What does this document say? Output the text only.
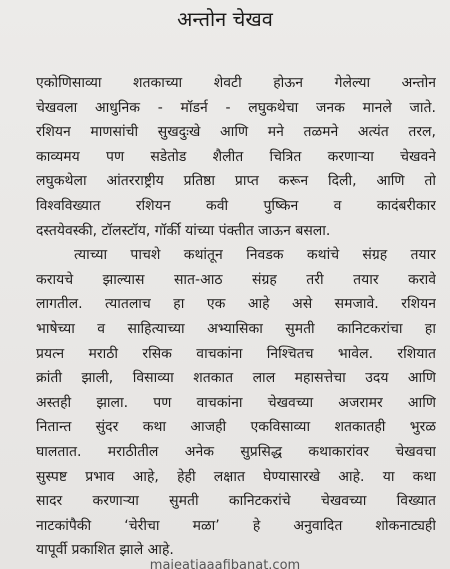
अन्तोन चेखव
एकोणिसाव्या शतकाच्या शेवटी होऊन गेलेल्या अन्तोन
चेखवला आधुनिक - मॉडर्न - लघुकथेचा जनक मानले जाते.
रशियन माणसांची सुखदुःखे आणि मने तळमने अत्यंत तरल,
काव्यमय पण सडेतोड शैलीत चित्रित करणाऱ्या चेखवने
लघुकथेला आंतरराष्ट्रीय प्रतिष्ठा प्राप्त करून दिली, आणि तो
विश्वविख्यात रशियन कवी पुष्किन व कादंबरीकार
दस्तयेवस्की, टॉलस्टॉय, गॉर्की यांच्या पंक्तीत जाऊन बसला.
त्याच्या पाचशे कथांतून निवडक कथांचे संग्रह तयार
करायचे झाल्यास सात-आठ संग्रह तरी तयार करावे
लागतील. त्यातलाच हा एक आहे असे समजावे. रशियन
भाषेच्या व साहित्याच्या अभ्यासिका सुमती कानिटकरांचा हा
प्रयत्न मराठी रसिक वाचकांना निश्चितच भावेल. रशियात
क्रांती झाली, विसाव्या शतकात लाल महासत्तेचा उदय आणि
अस्तही झाला. पण वाचकांना चेखवच्या अजरामर आणि
नितान्त सुंदर कथा आजही एकविसाव्या शतकातही भुरळ
घालतात. मराठीतील अनेक सुप्रसिद्ध कथाकारांवर चेखवचा
सुस्पष्ट प्रभाव आहे, हेही लक्षात घेण्यासारखे आहे. या कथा
सादर करणाऱ्या सुमती कानिटकरांचे चेखवच्या विख्यात
नाटकांपैकी ‘चेरीचा मळा’ हे अनुवादित शोकनाट्यही
यापूर्वी प्रकाशित झाले आहे.
maieatiaaafibanat.com
